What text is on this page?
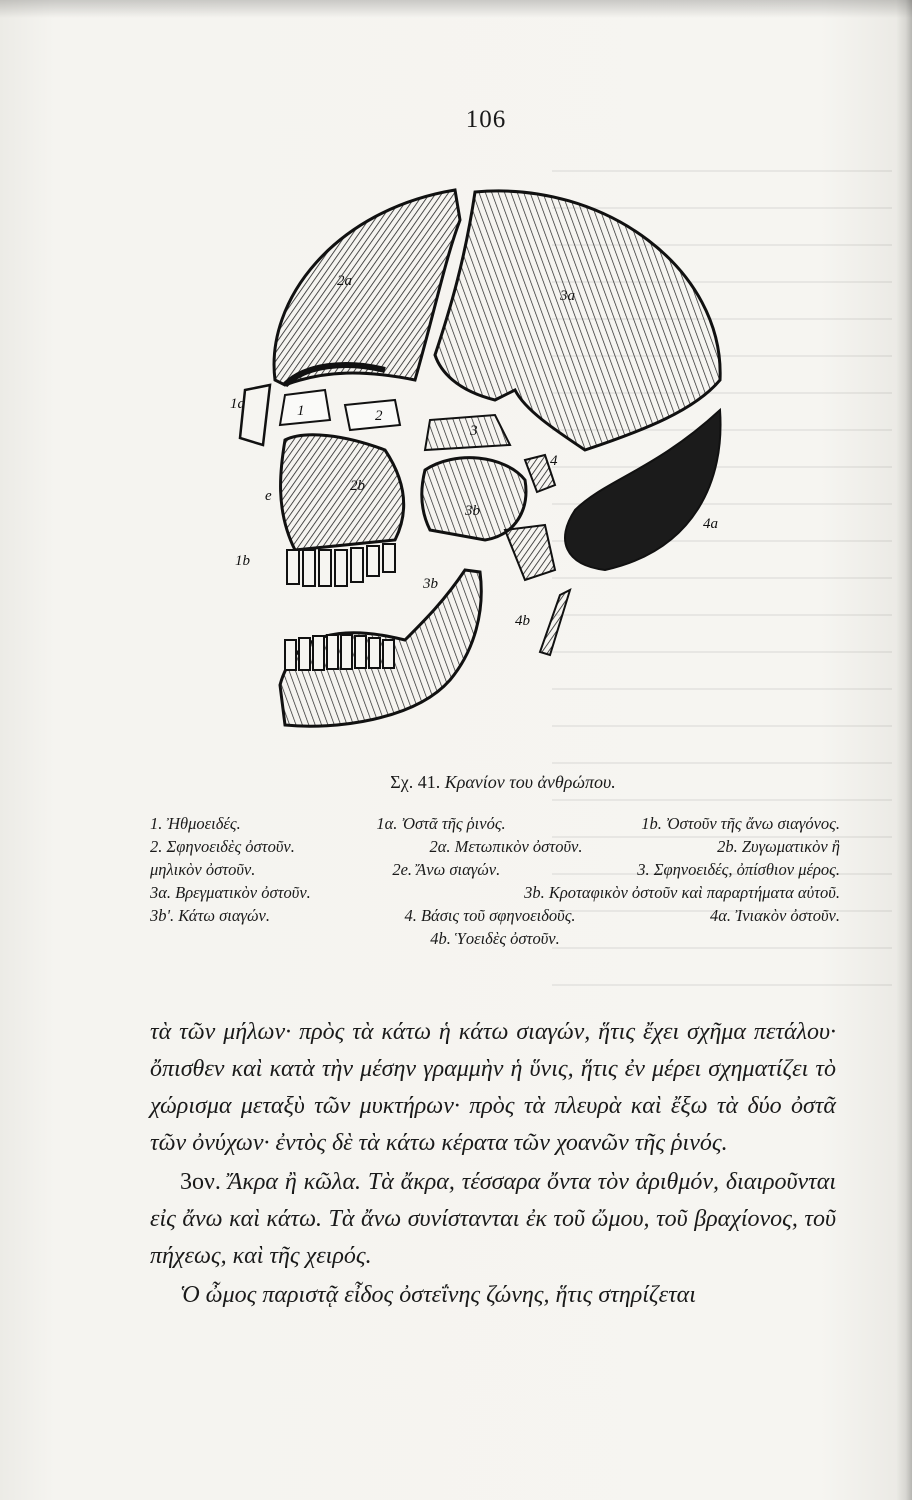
106
2a
3a
1a	1	2
3
4
4a
2b
3b
e
1b
3b
4b
Σχ. 41. Κρανίον του ἀνθρώπου.
1. Ἠθμοειδές.	1α. Ὀστᾶ τῆς ῥινός.	1b. Ὀστοῦν τῆς ἄνω σιαγόνος.
2. Σφηνοειδὲς ὀστοῦν.	2α. Μετωπικὸν ὀστοῦν.	2b. Ζυγωματικὸν ἢ
μηλικὸν ὀστοῦν.	2e. Ἄνω σιαγών.	3. Σφηνοειδές, ὀπίσθιον μέρος.
3α. Βρεγματικὸν ὀστοῦν.	3b. Κροταφικὸν ὀστοῦν καὶ παραρτήματα αὐτοῦ.
3b'. Κάτω σιαγών.	4. Βάσις τοῦ σφηνοειδοῦς.	4α. Ἰνιακὸν ὀστοῦν.
4b. Ὑοειδὲς ὀστοῦν.

τὰ τῶν μήλων· πρὸς τὰ κάτω ἡ κάτω σιαγών, ἥτις ἔχει σχῆμα πετάλου· ὄπισθεν καὶ κατὰ τὴν μέσην γραμμὴν ἡ ὕνις, ἥτις ἐν μέρει σχηματίζει τὸ χώρισμα μεταξὺ τῶν μυκτήρων· πρὸς τὰ πλευρὰ καὶ ἔξω τὰ δύο ὀστᾶ τῶν ὀνύχων· ἐντὸς δὲ τὰ κάτω κέρατα τῶν χοανῶν τῆς ῥινός.

3ον. Ἄκρα ἢ κῶλα. Τὰ ἄκρα, τέσσαρα ὄντα τὸν ἀριθμόν, διαιροῦνται εἰς ἄνω καὶ κάτω. Τὰ ἄνω συνίστανται ἐκ τοῦ ὤμου, τοῦ βραχίονος, τοῦ πήχεως, καὶ τῆς χειρός.

Ὁ ὦμος παριστᾷ εἶδος ὀστεΐνης ζώνης, ἥτις στηρίζεται
